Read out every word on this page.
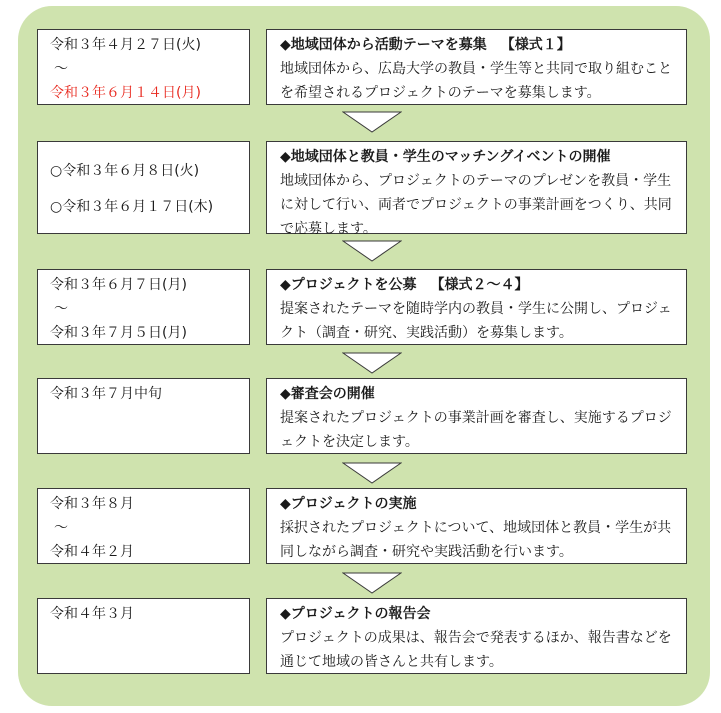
令和３年４月２７日(火)
～
令和３年６月１４日(月)
◆地域団体から活動テーマを募集 【様式１】
地域団体から、広島大学の教員・学生等と共同で取り組むことを希望されるプロジェクトのテーマを募集します。
○令和３年６月８日(火)
○令和３年６月１７日(木)
◆地域団体と教員・学生のマッチングイベントの開催
地域団体から、プロジェクトのテーマのプレゼンを教員・学生に対して行い、両者でプロジェクトの事業計画をつくり、共同で応募します。
令和３年６月７日(月)
～
令和３年７月５日(月)
◆プロジェクトを公募 【様式２～４】
提案されたテーマを随時学内の教員・学生に公開し、プロジェクト（調査・研究、実践活動）を募集します。
令和３年７月中旬	◆審査会の開催
提案されたプロジェクトの事業計画を審査し、実施するプロジェクトを決定します。
令和３年８月
～
令和４年２月
◆プロジェクトの実施
採択されたプロジェクトについて、地域団体と教員・学生が共同しながら調査・研究や実践活動を行います。
令和４年３月	◆プロジェクトの報告会
プロジェクトの成果は、報告会で発表するほか、報告書などを通じて地域の皆さんと共有します。
